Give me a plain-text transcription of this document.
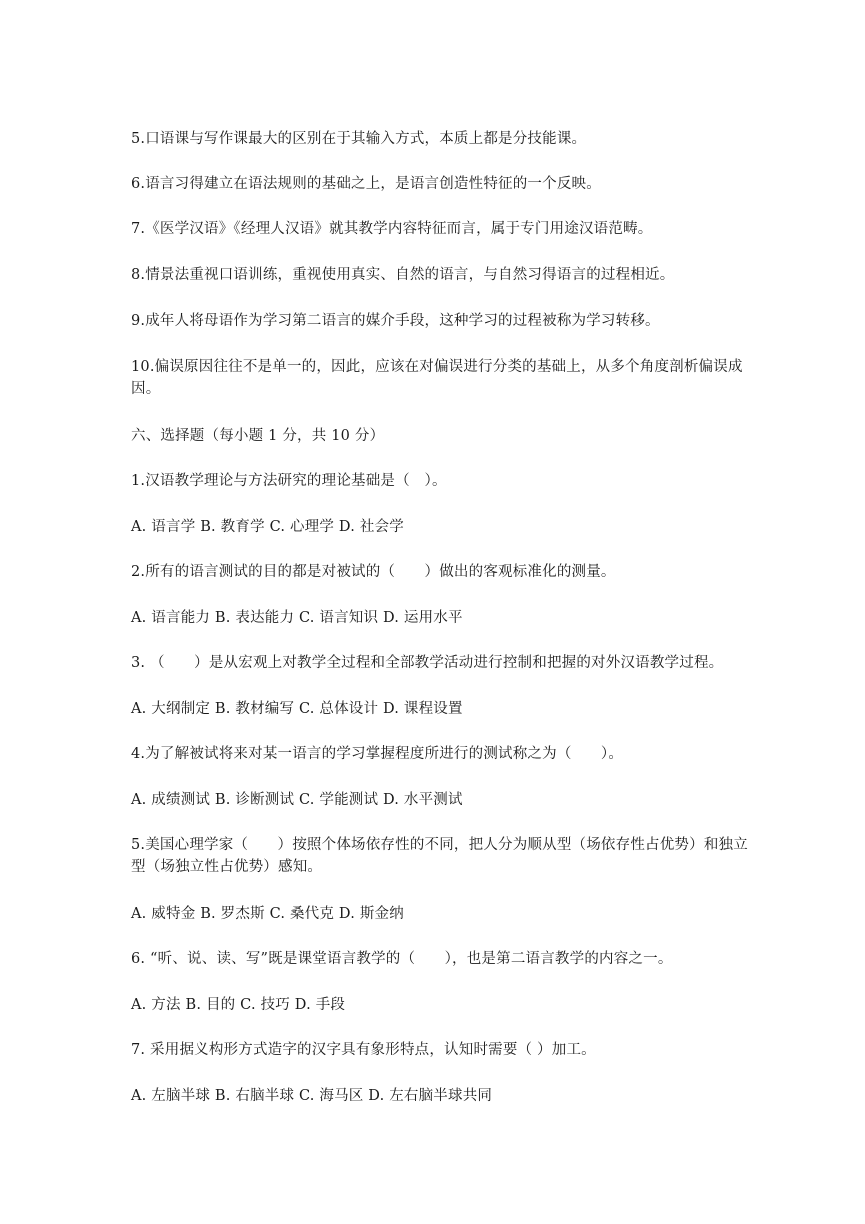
5.口语课与写作课最大的区别在于其输入方式，本质上都是分技能课。
6.语言习得建立在语法规则的基础之上，是语言创造性特征的一个反映。
7.《医学汉语》《经理人汉语》就其教学内容特征而言，属于专门用途汉语范畴。
8.情景法重视口语训练，重视使用真实、自然的语言，与自然习得语言的过程相近。
9.成年人将母语作为学习第二语言的媒介手段，这种学习的过程被称为学习转移。
10.偏误原因往往不是单一的，因此，应该在对偏误进行分类的基础上，从多个角度剖析偏误成因。
六、选择题（每小题 1 分，共 10 分）
1.汉语教学理论与方法研究的理论基础是（　）。
A. 语言学 B. 教育学 C. 心理学 D. 社会学
2.所有的语言测试的目的都是对被试的（　　）做出的客观标准化的测量。
A. 语言能力 B. 表达能力 C. 语言知识 D. 运用水平
3. （　　）是从宏观上对教学全过程和全部教学活动进行控制和把握的对外汉语教学过程。
A. 大纲制定 B. 教材编写 C. 总体设计 D. 课程设置
4.为了解被试将来对某一语言的学习掌握程度所进行的测试称之为（　　）。
A. 成绩测试 B. 诊断测试 C. 学能测试 D. 水平测试
5.美国心理学家（　　）按照个体场依存性的不同，把人分为顺从型（场依存性占优势）和独立型（场独立性占优势）感知。
A. 威特金 B. 罗杰斯 C. 桑代克 D. 斯金纳
6. “听、说、读、写”既是课堂语言教学的（　　），也是第二语言教学的内容之一。
A. 方法 B. 目的 C. 技巧 D. 手段
7. 采用据义构形方式造字的汉字具有象形特点，认知时需要（ ）加工。
A. 左脑半球 B. 右脑半球 C. 海马区 D. 左右脑半球共同
